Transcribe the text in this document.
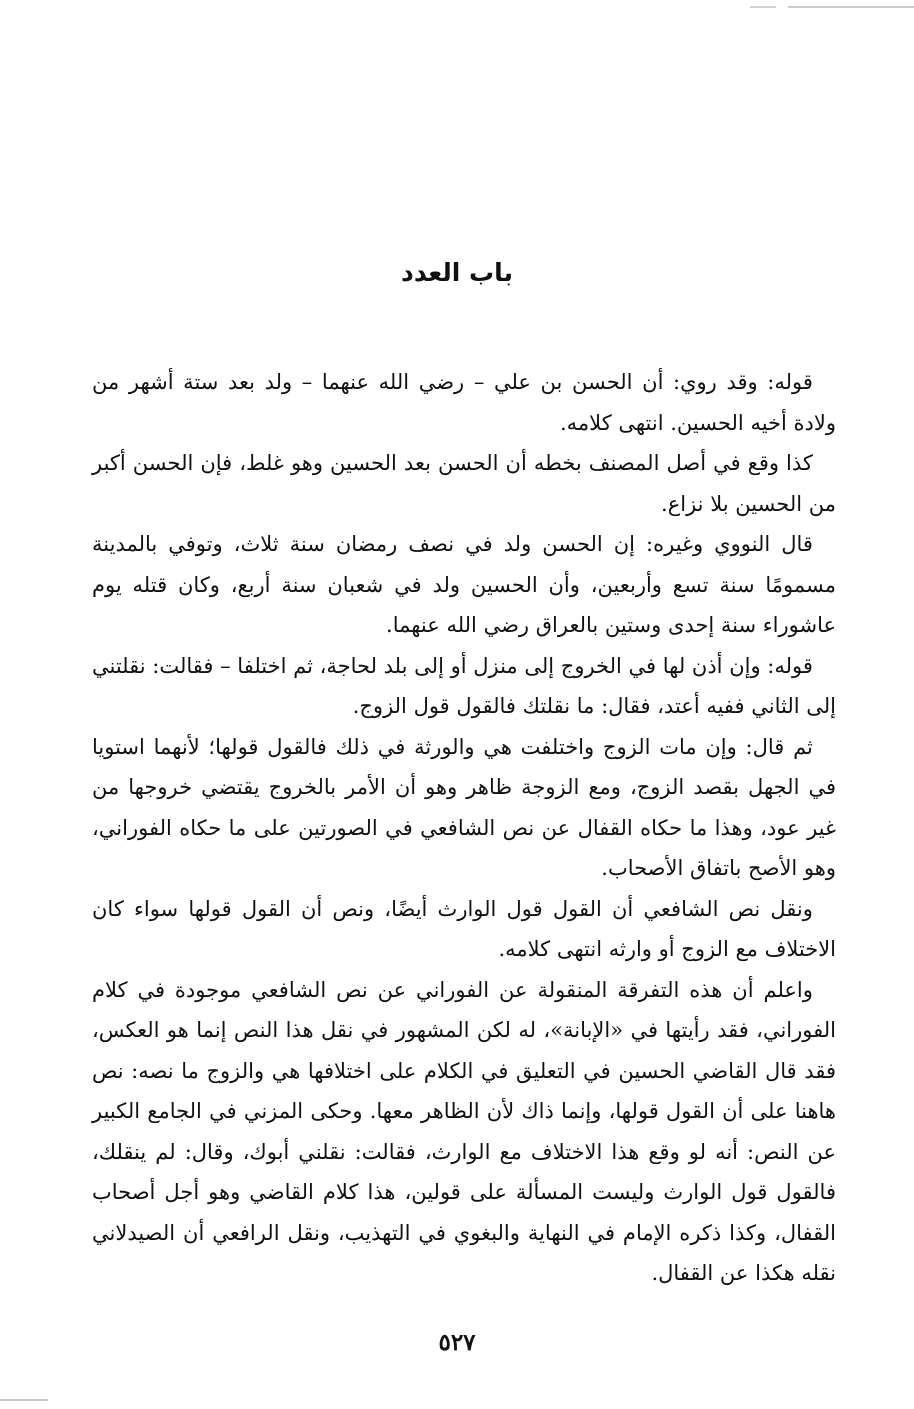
باب العدد

قوله: وقد روي: أن الحسن بن علي – رضي الله عنهما – ولد بعد ستة أشهر من ولادة أخيه الحسين. انتهى كلامه.

كذا وقع في أصل المصنف بخطه أن الحسن بعد الحسين وهو غلط، فإن الحسن أكبر من الحسين بلا نزاع.

قال النووي وغيره: إن الحسن ولد في نصف رمضان سنة ثلاث، وتوفي بالمدينة مسمومًا سنة تسع وأربعين، وأن الحسين ولد في شعبان سنة أربع، وكان قتله يوم عاشوراء سنة إحدى وستين بالعراق رضي الله عنهما.

قوله: وإن أذن لها في الخروج إلى منزل أو إلى بلد لحاجة، ثم اختلفا – فقالت: نقلتني إلى الثاني ففيه أعتد، فقال: ما نقلتك فالقول قول الزوج.

ثم قال: وإن مات الزوج واختلفت هي والورثة في ذلك فالقول قولها؛ لأنهما استويا في الجهل بقصد الزوج، ومع الزوجة ظاهر وهو أن الأمر بالخروج يقتضي خروجها من غير عود، وهذا ما حكاه القفال عن نص الشافعي في الصورتين على ما حكاه الفوراني، وهو الأصح باتفاق الأصحاب.

ونقل نص الشافعي أن القول قول الوارث أيضًا، ونص أن القول قولها سواء كان الاختلاف مع الزوج أو وارثه انتهى كلامه.

واعلم أن هذه التفرقة المنقولة عن الفوراني عن نص الشافعي موجودة في كلام الفوراني، فقد رأيتها في «الإبانة»، له لكن المشهور في نقل هذا النص إنما هو العكس، فقد قال القاضي الحسين في التعليق في الكلام على اختلافها هي والزوج ما نصه: نص هاهنا على أن القول قولها، وإنما ذاك لأن الظاهر معها. وحكى المزني في الجامع الكبير عن النص: أنه لو وقع هذا الاختلاف مع الوارث، فقالت: نقلني أبوك، وقال: لم ينقلك، فالقول قول الوارث وليست المسألة على قولين، هذا كلام القاضي وهو أجل أصحاب القفال، وكذا ذكره الإمام في النهاية والبغوي في التهذيب، ونقل الرافعي أن الصيدلاني نقله هكذا عن القفال.

٥٢٧
